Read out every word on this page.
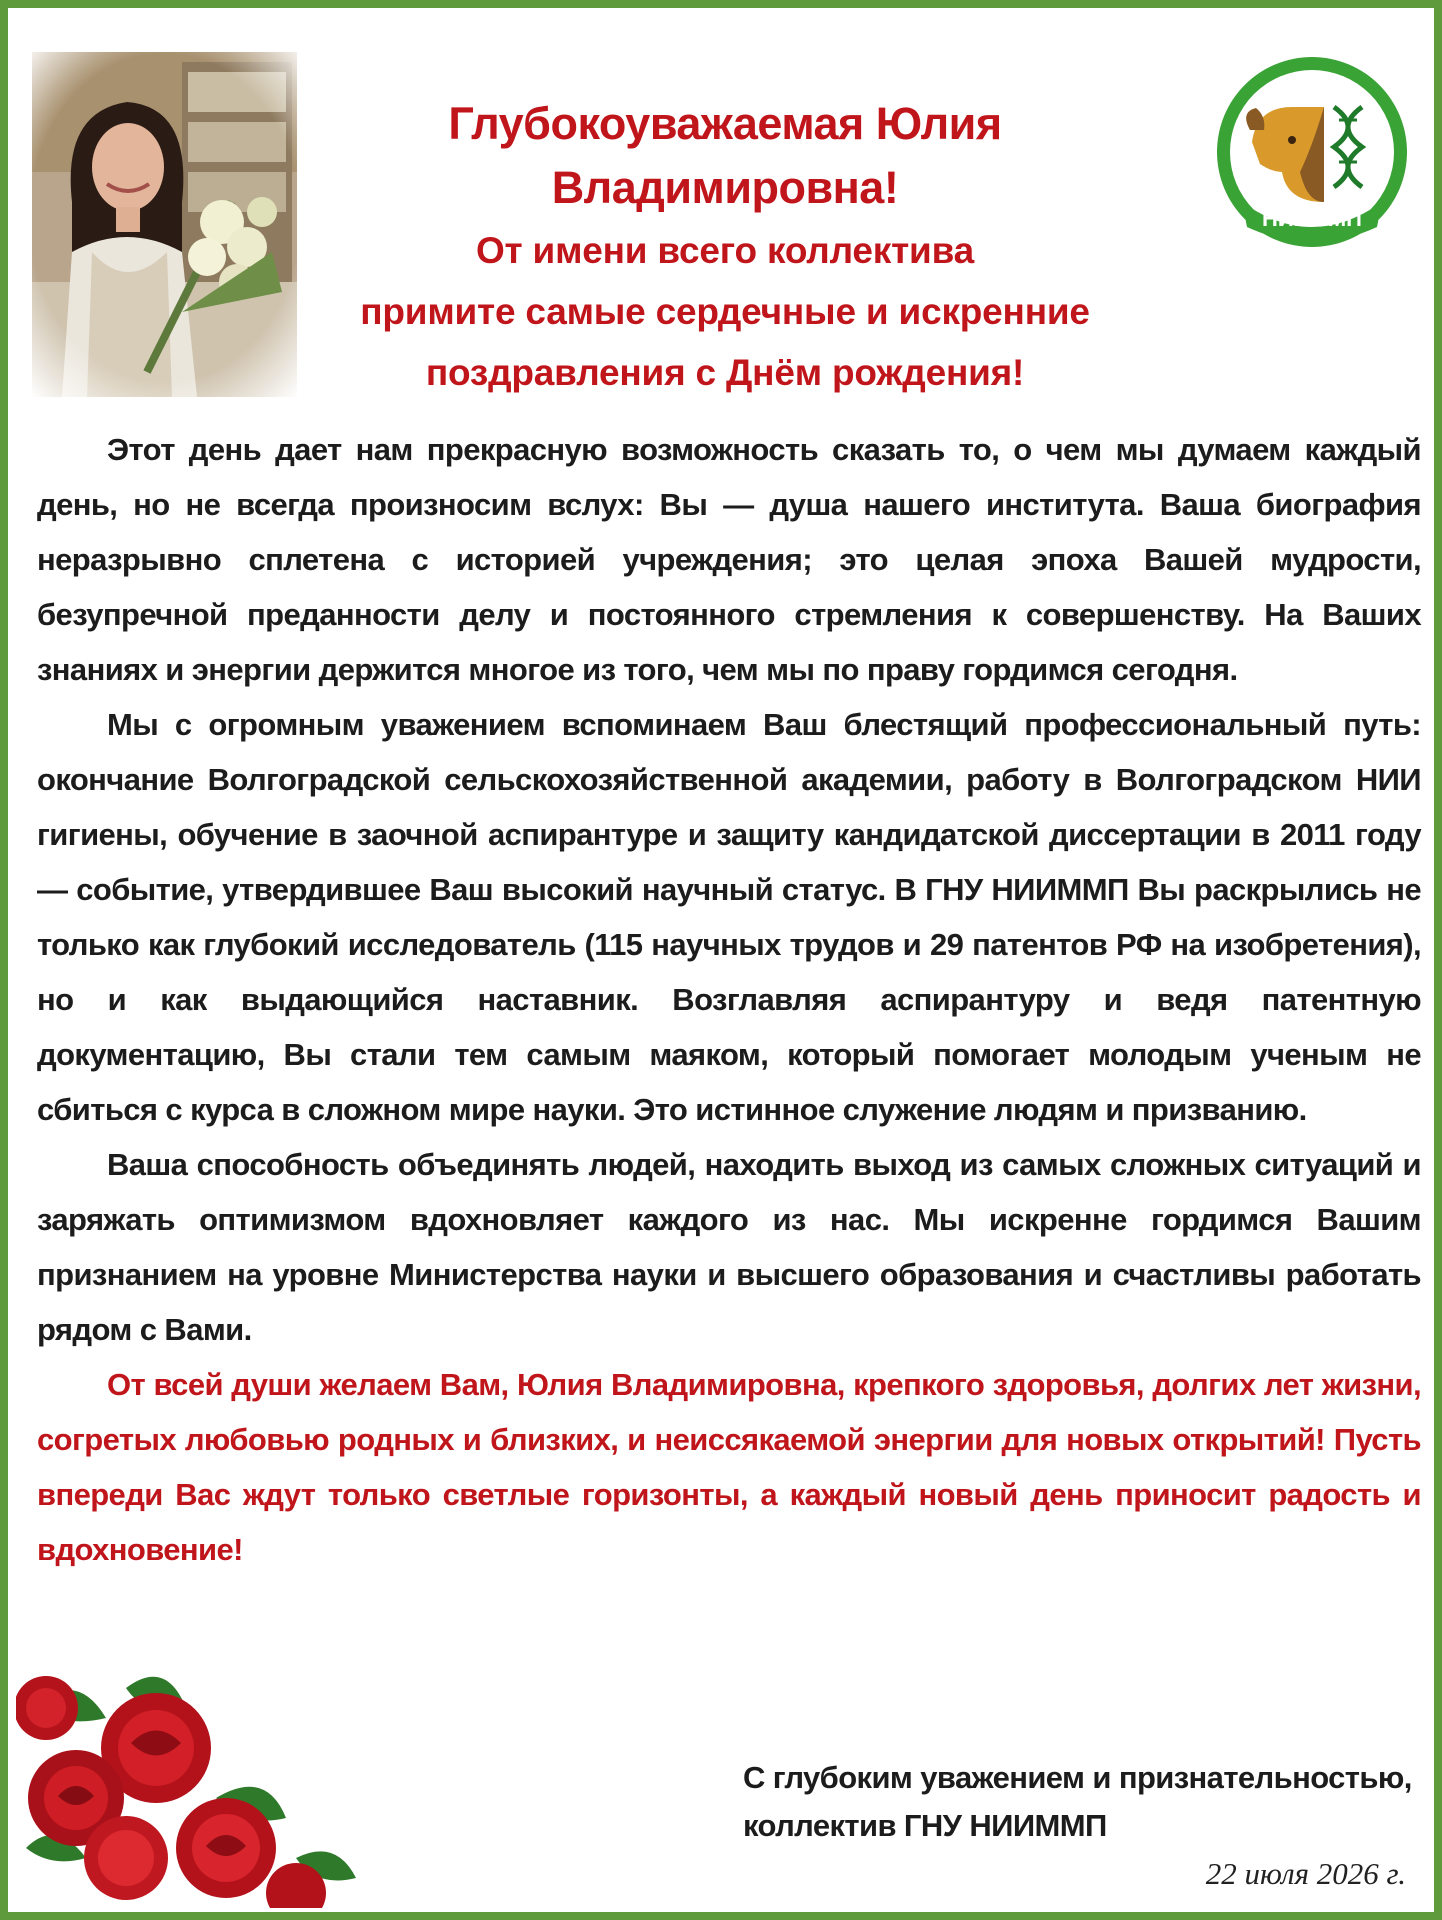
Глубокоуважаемая Юлия Владимировна!
От имени всего коллектива
примите самые сердечные и искренние
поздравления с Днём рождения!
НИИММП

Этот день дает нам прекрасную возможность сказать то, о чем мы думаем каждый день, но не всегда произносим вслух: Вы — душа нашего института. Ваша биография неразрывно сплетена с историей учреждения; это целая эпоха Вашей мудрости, безупречной преданности делу и постоянного стремления к совершенству. На Ваших знаниях и энергии держится многое из того, чем мы по праву гордимся сегодня.

Мы с огромным уважением вспоминаем Ваш блестящий профессиональный путь: окончание Волгоградской сельскохозяйственной академии, работу в Волгоградском НИИ гигиены, обучение в заочной аспирантуре и защиту кандидатской диссертации в 2011 году — событие, утвердившее Ваш высокий научный статус. В ГНУ НИИММП Вы раскрылись не только как глубокий исследователь (115 научных трудов и 29 патентов РФ на изобретения), но и как выдающийся наставник. Возглавляя аспирантуру и ведя патентную документацию, Вы стали тем самым маяком, который помогает молодым ученым не сбиться с курса в сложном мире науки. Это истинное служение людям и призванию.

Ваша способность объединять людей, находить выход из самых сложных ситуаций и заряжать оптимизмом вдохновляет каждого из нас. Мы искренне гордимся Вашим признанием на уровне Министерства науки и высшего образования и счастливы работать рядом с Вами.

От всей души желаем Вам, Юлия Владимировна, крепкого здоровья, долгих лет жизни, согретых любовью родных и близких, и неиссякаемой энергии для новых открытий! Пусть впереди Вас ждут только светлые горизонты, а каждый новый день приносит радость и вдохновение!

С глубоким уважением и признательностью,
коллектив ГНУ НИИММП
22 июля 2026 г.
